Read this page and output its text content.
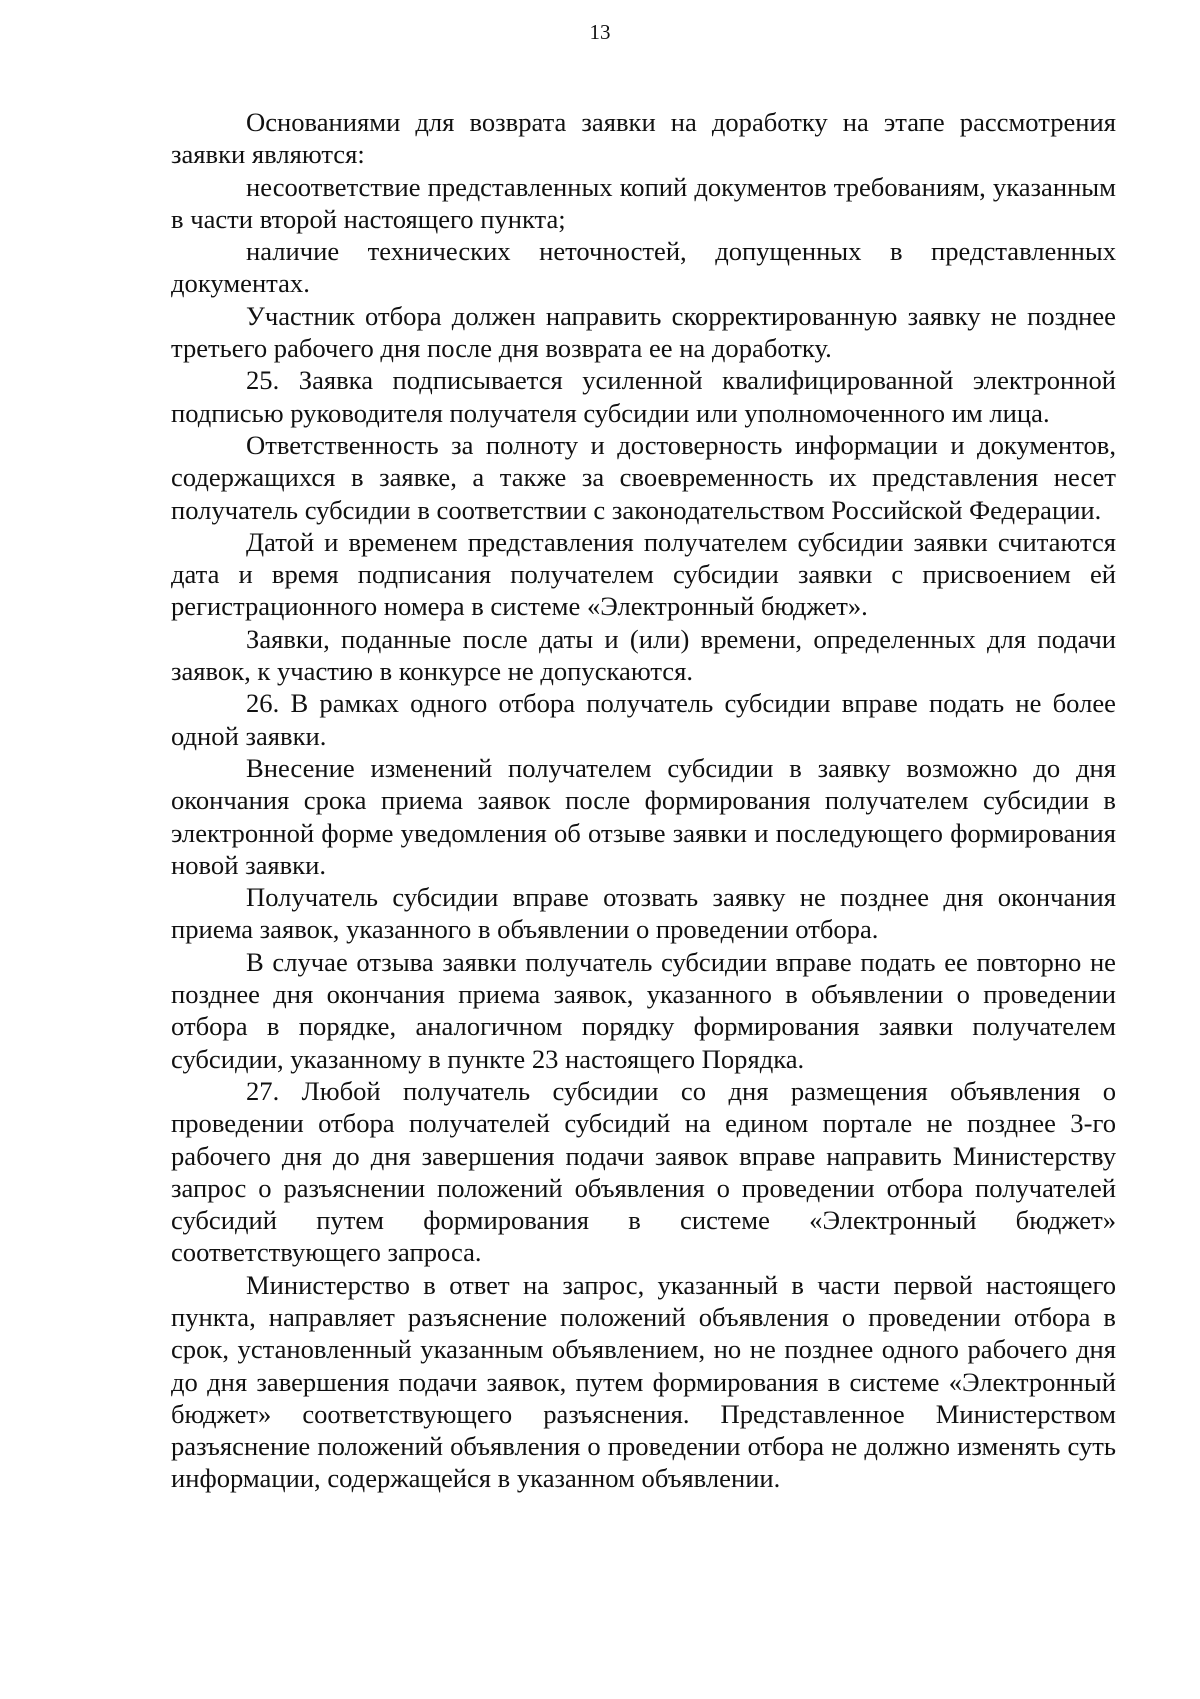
13

Основаниями для возврата заявки на доработку на этапе рассмотрения заявки являются:

несоответствие представленных копий документов требованиям, указанным в части второй настоящего пункта;

наличие технических неточностей, допущенных в представленных документах.

Участник отбора должен направить скорректированную заявку не позднее третьего рабочего дня после дня возврата ее на доработку.

25. Заявка подписывается усиленной квалифицированной электронной подписью руководителя получателя субсидии или уполномоченного им лица.

Ответственность за полноту и достоверность информации и документов, содержащихся в заявке, а также за своевременность их представления несет получатель субсидии в соответствии с законодательством Российской Федерации.

Датой и временем представления получателем субсидии заявки считаются дата и время подписания получателем субсидии заявки с присвоением ей регистрационного номера в системе «Электронный бюджет».

Заявки, поданные после даты и (или) времени, определенных для подачи заявок, к участию в конкурсе не допускаются.

26. В рамках одного отбора получатель субсидии вправе подать не более одной заявки.

Внесение изменений получателем субсидии в заявку возможно до дня окончания срока приема заявок после формирования получателем субсидии в электронной форме уведомления об отзыве заявки и последующего формирования новой заявки.

Получатель субсидии вправе отозвать заявку не позднее дня окончания приема заявок, указанного в объявлении о проведении отбора.

В случае отзыва заявки получатель субсидии вправе подать ее повторно не позднее дня окончания приема заявок, указанного в объявлении о проведении отбора в порядке, аналогичном порядку формирования заявки получателем субсидии, указанному в пункте 23 настоящего Порядка.

27. Любой получатель субсидии со дня размещения объявления о проведении отбора получателей субсидий на едином портале не позднее 3-го рабочего дня до дня завершения подачи заявок вправе направить Министерству запрос о разъяснении положений объявления о проведении отбора получателей субсидий путем формирования в системе «Электронный бюджет» соответствующего запроса.

Министерство в ответ на запрос, указанный в части первой настоящего пункта, направляет разъяснение положений объявления о проведении отбора в срок, установленный указанным объявлением, но не позднее одного рабочего дня до дня завершения подачи заявок, путем формирования в системе «Электронный бюджет» соответствующего разъяснения. Представленное Министерством разъяснение положений объявления о проведении отбора не должно изменять суть информации, содержащейся в указанном объявлении.
